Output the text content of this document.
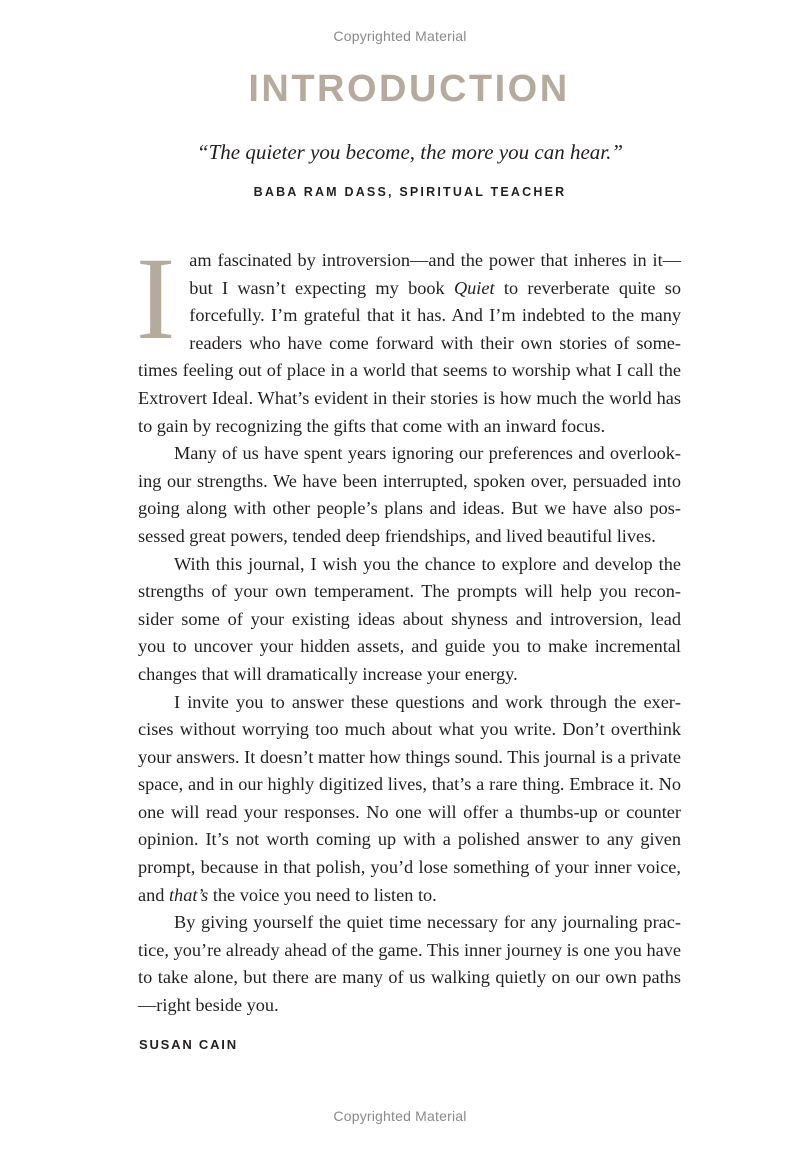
Copyrighted Material
INTRODUCTION
“The quieter you become, the more you can hear.”
BABA RAM DASS, SPIRITUAL TEACHER

I am fascinated by introversion—and the power that inheres in it—but I wasn’t expecting my book Quiet to reverberate quite so forcefully. I’m grateful that it has. And I’m indebted to the many readers who have come forward with their own stories of sometimes feeling out of place in a world that seems to worship what I call the Extrovert Ideal. What’s evident in their stories is how much the world has to gain by recognizing the gifts that come with an inward focus.

Many of us have spent years ignoring our preferences and overlooking our strengths. We have been interrupted, spoken over, persuaded into going along with other people’s plans and ideas. But we have also possessed great powers, tended deep friendships, and lived beautiful lives.

With this journal, I wish you the chance to explore and develop the strengths of your own temperament. The prompts will help you reconsider some of your existing ideas about shyness and introversion, lead you to uncover your hidden assets, and guide you to make incremental changes that will dramatically increase your energy.

I invite you to answer these questions and work through the exercises without worrying too much about what you write. Don’t overthink your answers. It doesn’t matter how things sound. This journal is a private space, and in our highly digitized lives, that’s a rare thing. Embrace it. No one will read your responses. No one will offer a thumbs-up or counter opinion. It’s not worth coming up with a polished answer to any given prompt, because in that polish, you’d lose something of your inner voice, and that’s the voice you need to listen to.

By giving yourself the quiet time necessary for any journaling practice, you’re already ahead of the game. This inner journey is one you have to take alone, but there are many of us walking quietly on our own paths—right beside you.

SUSAN CAIN
Copyrighted Material
